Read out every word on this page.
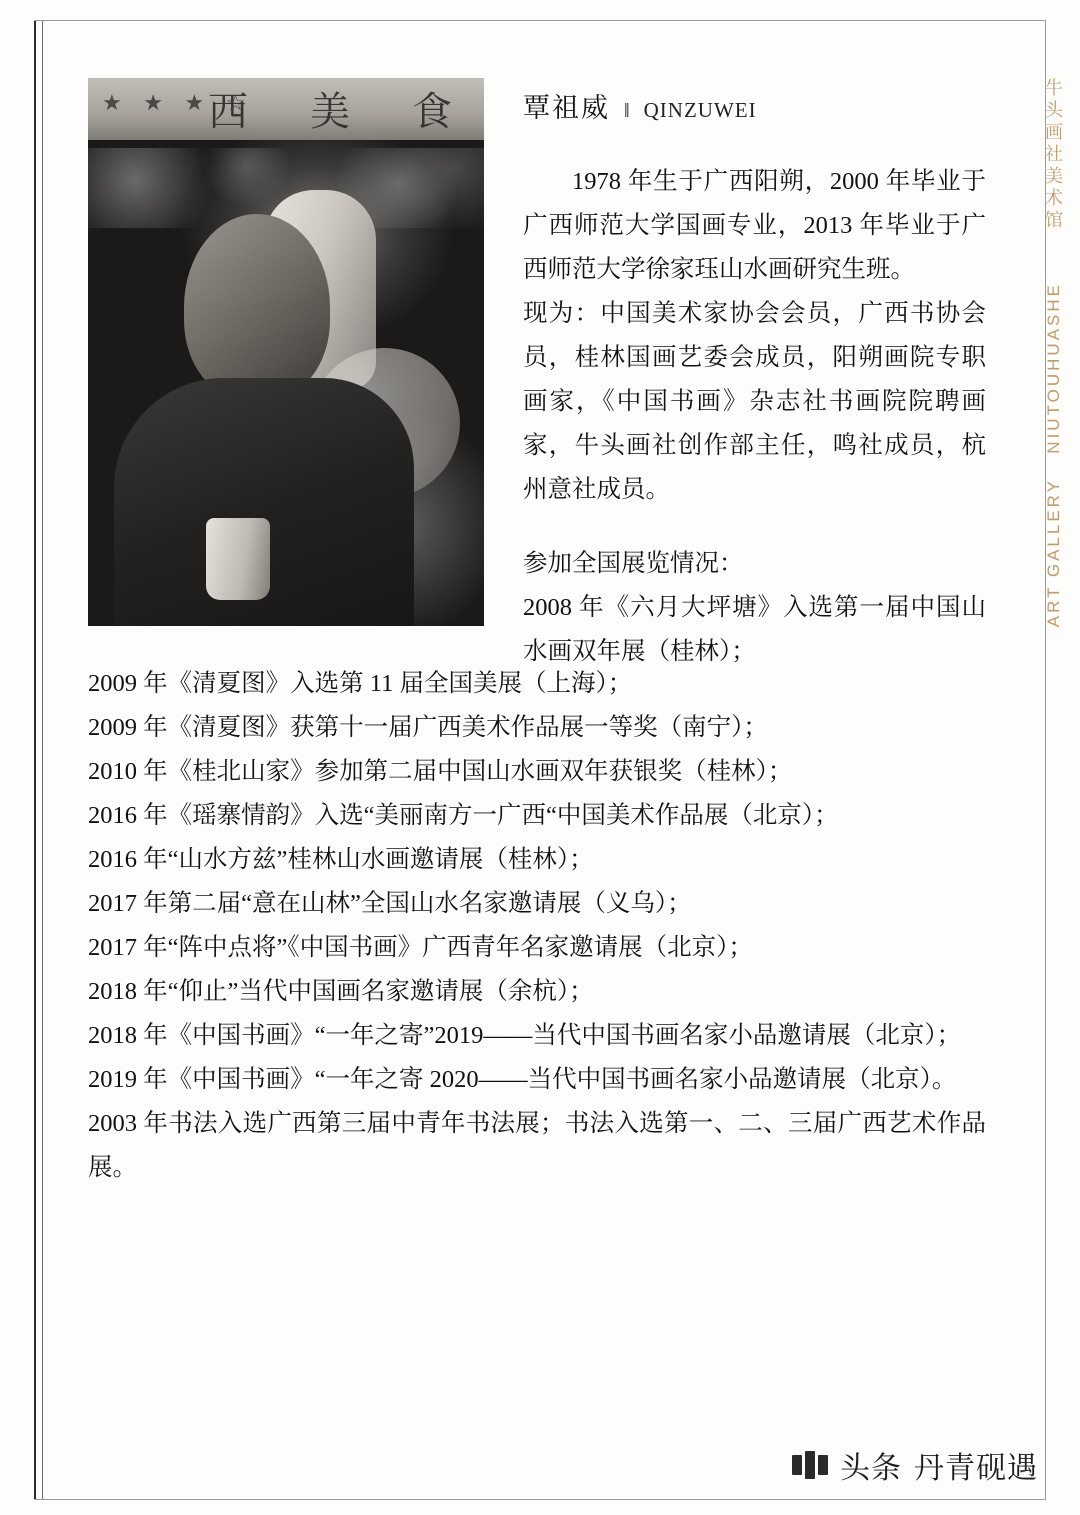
西 美 食
★ ★ ★ ☆	覃祖威 ‖ QINZUWEI

1978 年生于广西阳朔，2000 年毕业于广西师范大学国画专业，2013 年毕业于广西师范大学徐家珏山水画研究生班。

现为：中国美术家协会会员，广西书协会员，桂林国画艺委会成员，阳朔画院专职画家，《中国书画》杂志社书画院院聘画家，牛头画社创作部主任，鸣社成员，杭州意社成员。

参加全国展览情况：

2008 年《六月大坪塘》入选第一届中国山水画双年展（桂林）；

2009 年《清夏图》入选第 11 届全国美展（上海）；

2009 年《清夏图》获第十一届广西美术作品展一等奖（南宁）；

2010 年《桂北山家》参加第二届中国山水画双年获银奖（桂林）；

2016 年《瑶寨情韵》入选“美丽南方一广西“中国美术作品展（北京）；

2016 年“山水方兹”桂林山水画邀请展（桂林）；

2017 年第二届“意在山林”全国山水名家邀请展（义乌）；

2017 年“阵中点将”《中国书画》广西青年名家邀请展（北京）；

2018 年“仰止”当代中国画名家邀请展（余杭）；

2018 年《中国书画》“一年之寄”2019——当代中国书画名家小品邀请展（北京）；

2019 年《中国书画》“一年之寄 2020——当代中国书画名家小品邀请展（北京）。

2003 年书法入选广西第三届中青年书法展；书法入选第一、二、三届广西艺术作品展。

牛头画社美术馆
NIUTOUHUASHE
ART GALLERY
头条 丹青砚遇
